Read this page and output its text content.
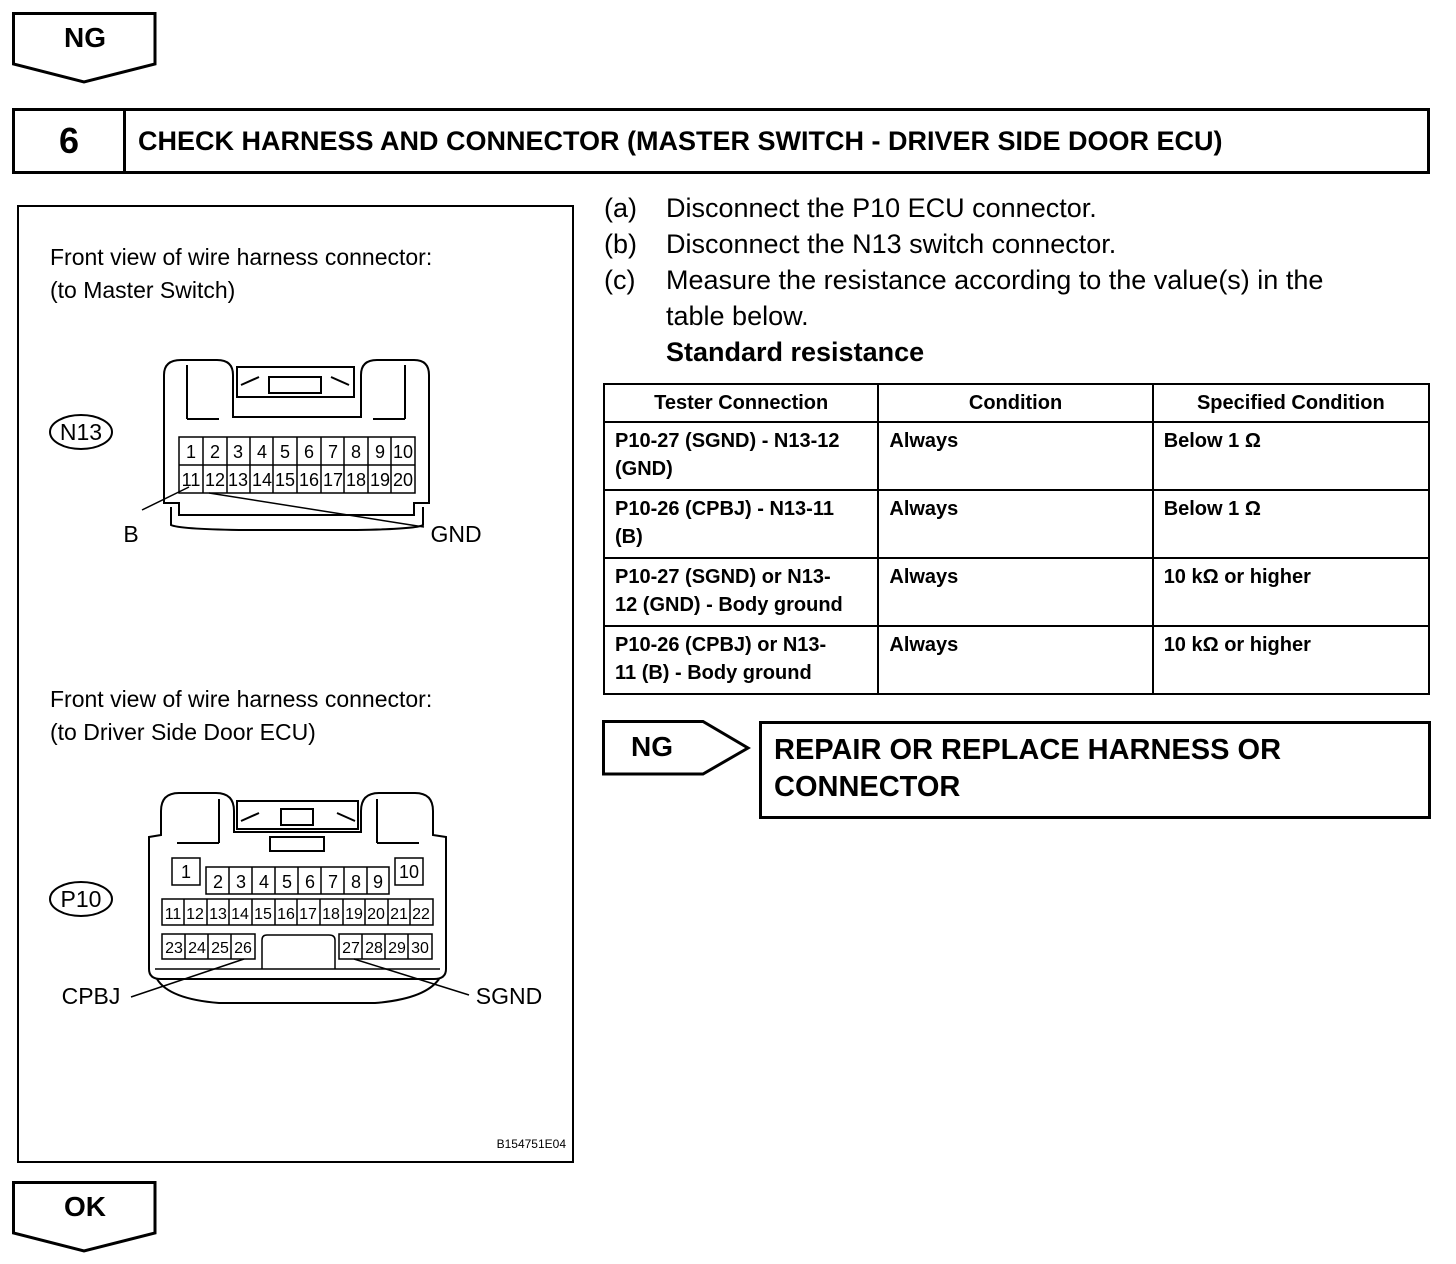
NG
6	CHECK HARNESS AND CONNECTOR (MASTER SWITCH - DRIVER SIDE DOOR ECU)
Front view of wire harness connector:
(to Master Switch)
Front view of wire harness connector:
(to Driver Side Door ECU)
1 2 3 4 5 6 7 8 9 10
11 12 13 14 15 16 17 18 19 20
N13
B	GND
1	10
2 3 4 5 6 7 8 9
11 12 13 14 15 16 17 18 19 20 21 22
23 24 25 26	27 28 29 30
P10
CPBJ	SGND
B154751E04
(a) Disconnect the P10 ECU connector.
(b) Disconnect the N13 switch connector.
(c) Measure the resistance according to the value(s) in the
table below.
Standard resistance
Tester Connection	Condition	Specified Condition

P10-27 (SGND) - N13-12
(GND)	Always	Below 1 Ω

P10-26 (CPBJ) - N13-11
(B)	Always	Below 1 Ω

P10-27 (SGND) or N13-
12 (GND) - Body ground	Always	10 kΩ or higher

P10-26 (CPBJ) or N13-
11 (B) - Body ground	Always	10 kΩ or higher
NG	REPAIR OR REPLACE HARNESS OR
CONNECTOR
OK
